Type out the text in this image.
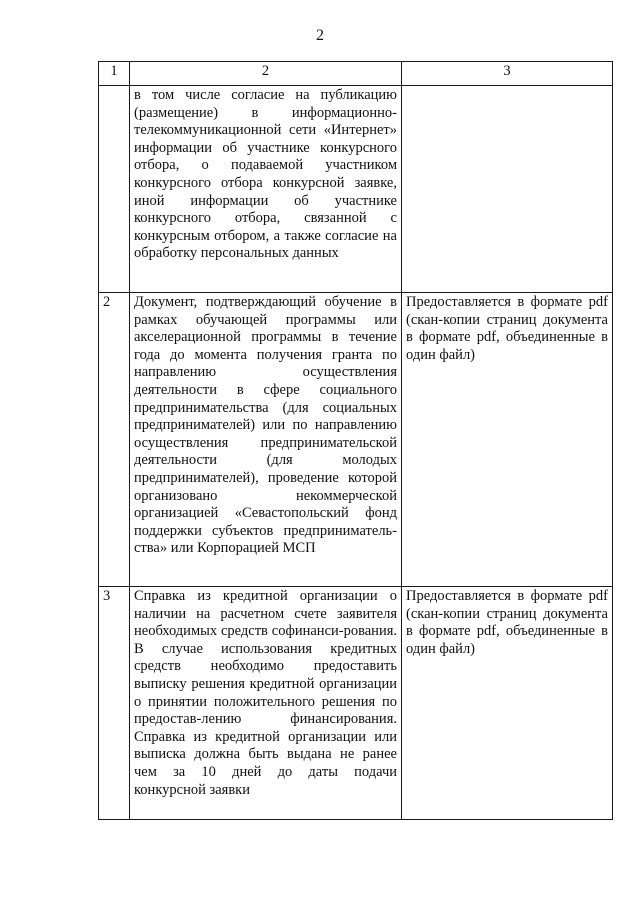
2
1	2	3

	в том числе согласие на публикацию (размещение) в информационно-телекоммуникационной сети «Интернет» информации об участнике конкурсного отбора, о подаваемой участником конкурсного отбора конкурсной заявке, иной информации об участнике конкурсного отбора, связанной с конкурсным отбором, а также согласие на обработку персональных данных	

2	Документ, подтверждающий обучение в рамках обучающей программы или акселерационной программы в течение года до момента получения гранта по направлению осуществления деятельности в сфере социального предпринимательства (для социальных предпринимателей) или по направлению осуществления предпринимательской деятельности (для молодых предпринимателей), проведение которой организовано некоммерческой организацией «Севастопольский фонд поддержки субъектов предприниматель-ства» или Корпорацией МСП	Предоставляется в формате pdf (скан-копии страниц документа в формате pdf, объединенные в один файл)

3	Справка из кредитной организации о наличии на расчетном счете заявителя необходимых средств софинанси-рования. В случае использования кредитных средств необходимо предоставить выписку решения кредитной организации о принятии положительного решения по предостав-лению финансирования. Справка из кредитной организации или выписка должна быть выдана не ранее чем за 10 дней до даты подачи конкурсной заявки	Предоставляется в формате pdf (скан-копии страниц документа в формате pdf, объединенные в один файл)
